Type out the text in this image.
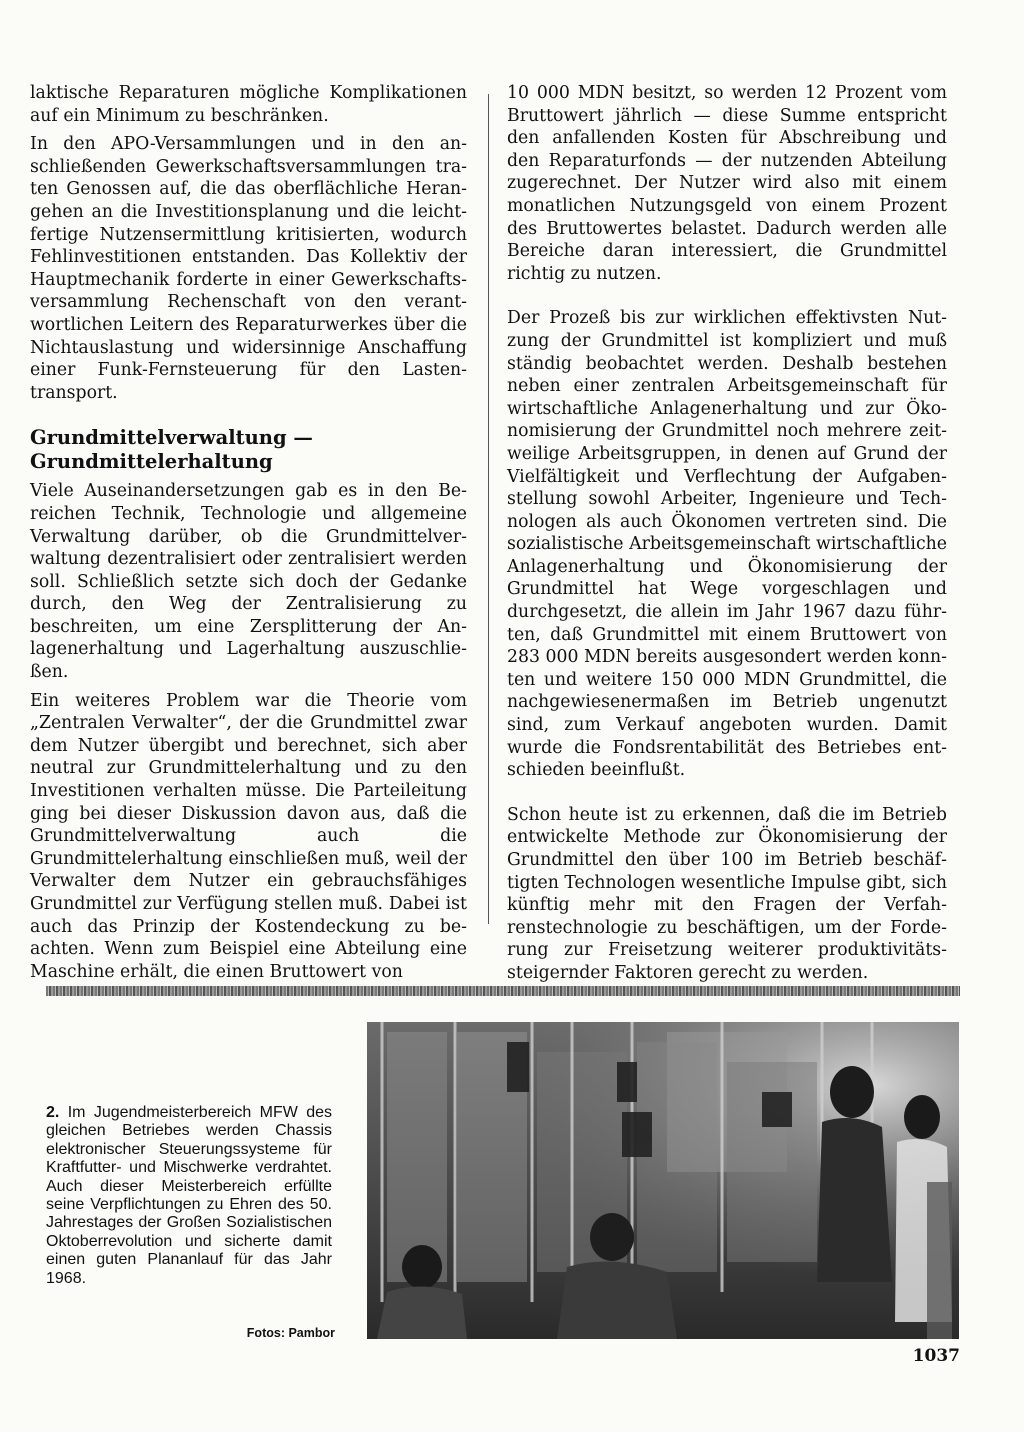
laktische Reparaturen mögliche Komplikationen auf ein Minimum zu beschränken.

In den APO-Versammlungen und in den anschließenden Gewerkschaftsversammlungen traten Genossen auf, die das oberflächliche Herangehen an die Investitionsplanung und die leichtfertige Nutzensermittlung kritisierten, wodurch Fehlinvestitionen entstanden. Das Kollektiv der Hauptmechanik forderte in einer Gewerkschaftsversammlung Rechenschaft von den verantwortlichen Leitern des Reparaturwerkes über die Nichtauslastung und widersinnige Anschaffung einer Funk-Fernsteuerung für den Lastentransport.

Grundmittelverwaltung —
Grundmittelerhaltung

Viele Auseinandersetzungen gab es in den Bereichen Technik, Technologie und allgemeine Verwaltung darüber, ob die Grundmittelverwaltung dezentralisiert oder zentralisiert werden soll. Schließlich setzte sich doch der Gedanke durch, den Weg der Zentralisierung zu beschreiten, um eine Zersplitterung der Anlagenerhaltung und Lagerhaltung auszuschließen.

Ein weiteres Problem war die Theorie vom „Zentralen Verwalter“, der die Grundmittel zwar dem Nutzer übergibt und berechnet, sich aber neutral zur Grundmittelerhaltung und zu den Investitionen verhalten müsse. Die Parteileitung ging bei dieser Diskussion davon aus, daß die Grundmittelverwaltung auch die Grundmittelerhaltung einschließen muß, weil der Verwalter dem Nutzer ein gebrauchsfähiges Grundmittel zur Verfügung stellen muß. Dabei ist auch das Prinzip der Kostendeckung zu beachten. Wenn zum Beispiel eine Abteilung eine Maschine erhält, die einen Bruttowert von

10 000 MDN besitzt, so werden 12 Prozent vom Bruttowert jährlich — diese Summe entspricht den anfallenden Kosten für Abschreibung und den Reparaturfonds — der nutzenden Abteilung zugerechnet. Der Nutzer wird also mit einem monatlichen Nutzungsgeld von einem Prozent des Bruttowertes belastet. Dadurch werden alle Bereiche daran interessiert, die Grundmittel richtig zu nutzen.

Der Prozeß bis zur wirklichen effektivsten Nutzung der Grundmittel ist kompliziert und muß ständig beobachtet werden. Deshalb bestehen neben einer zentralen Arbeitsgemeinschaft für wirtschaftliche Anlagenerhaltung und zur Ökonomisierung der Grundmittel noch mehrere zeitweilige Arbeitsgruppen, in denen auf Grund der Vielfältigkeit und Verflechtung der Aufgabenstellung sowohl Arbeiter, Ingenieure und Technologen als auch Ökonomen vertreten sind. Die sozialistische Arbeitsgemeinschaft wirtschaftliche Anlagenerhaltung und Ökonomisierung der Grundmittel hat Wege vorgeschlagen und durchgesetzt, die allein im Jahr 1967 dazu führten, daß Grundmittel mit einem Bruttowert von 283 000 MDN bereits ausgesondert werden konnten und weitere 150 000 MDN Grundmittel, die nachgewiesenermaßen im Betrieb ungenutzt sind, zum Verkauf angeboten wurden. Damit wurde die Fondsrentabilität des Betriebes entschieden beeinflußt.

Schon heute ist zu erkennen, daß die im Betrieb entwickelte Methode zur Ökonomisierung der Grundmittel den über 100 im Betrieb beschäftigten Technologen wesentliche Impulse gibt, sich künftig mehr mit den Fragen der Verfahrenstechnologie zu beschäftigen, um der Forderung zur Freisetzung weiterer produktivitätssteigernder Faktoren gerecht zu werden.

2. Im Jugendmeisterbereich MFW des gleichen Betriebes werden Chassis elektronischer Steuerungssysteme für Kraftfutter- und Mischwerke verdrahtet. Auch dieser Meisterbereich erfüllte seine Verpflichtungen zu Ehren des 50. Jahrestages der Großen Sozialistischen Oktoberrevolution und sicherte damit einen guten Plananlauf für das Jahr 1968.
Fotos: Pambor
1037
